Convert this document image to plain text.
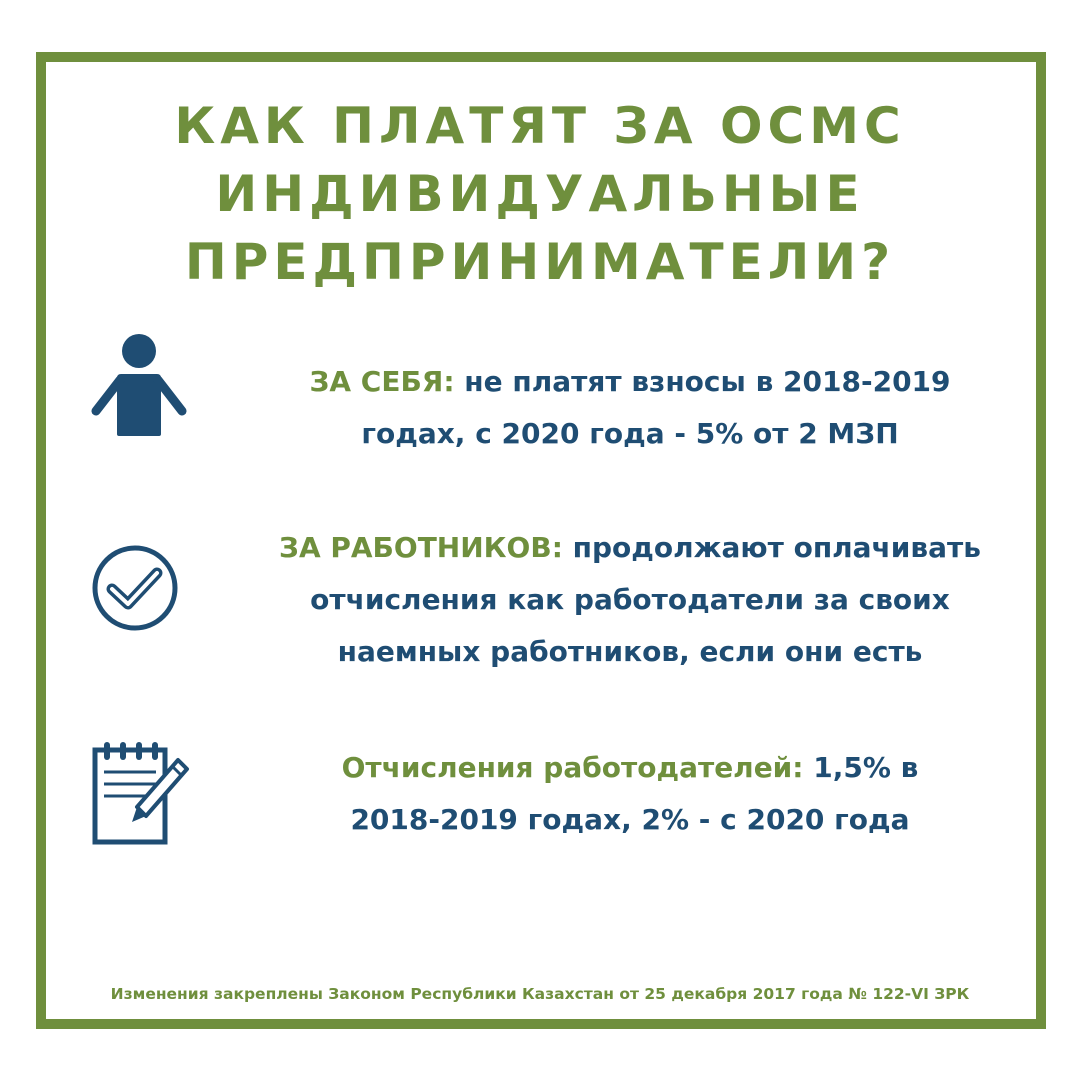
КАК ПЛАТЯТ ЗА ОСМС
ИНДИВИДУАЛЬНЫЕ
ПРЕДПРИНИМАТЕЛИ?
ЗА СЕБЯ: не платят взносы в 2018-2019
годах, с 2020 года - 5% от 2 МЗП
ЗА РАБОТНИКОВ: продолжают оплачивать
отчисления как работодатели за своих
наемных работников, если они есть
Отчисления работодателей: 1,5% в
2018-2019 годах, 2% - с 2020 года
Изменения закреплены Законом Республики Казахстан от 25 декабря 2017 года № 122-VI ЗРК
